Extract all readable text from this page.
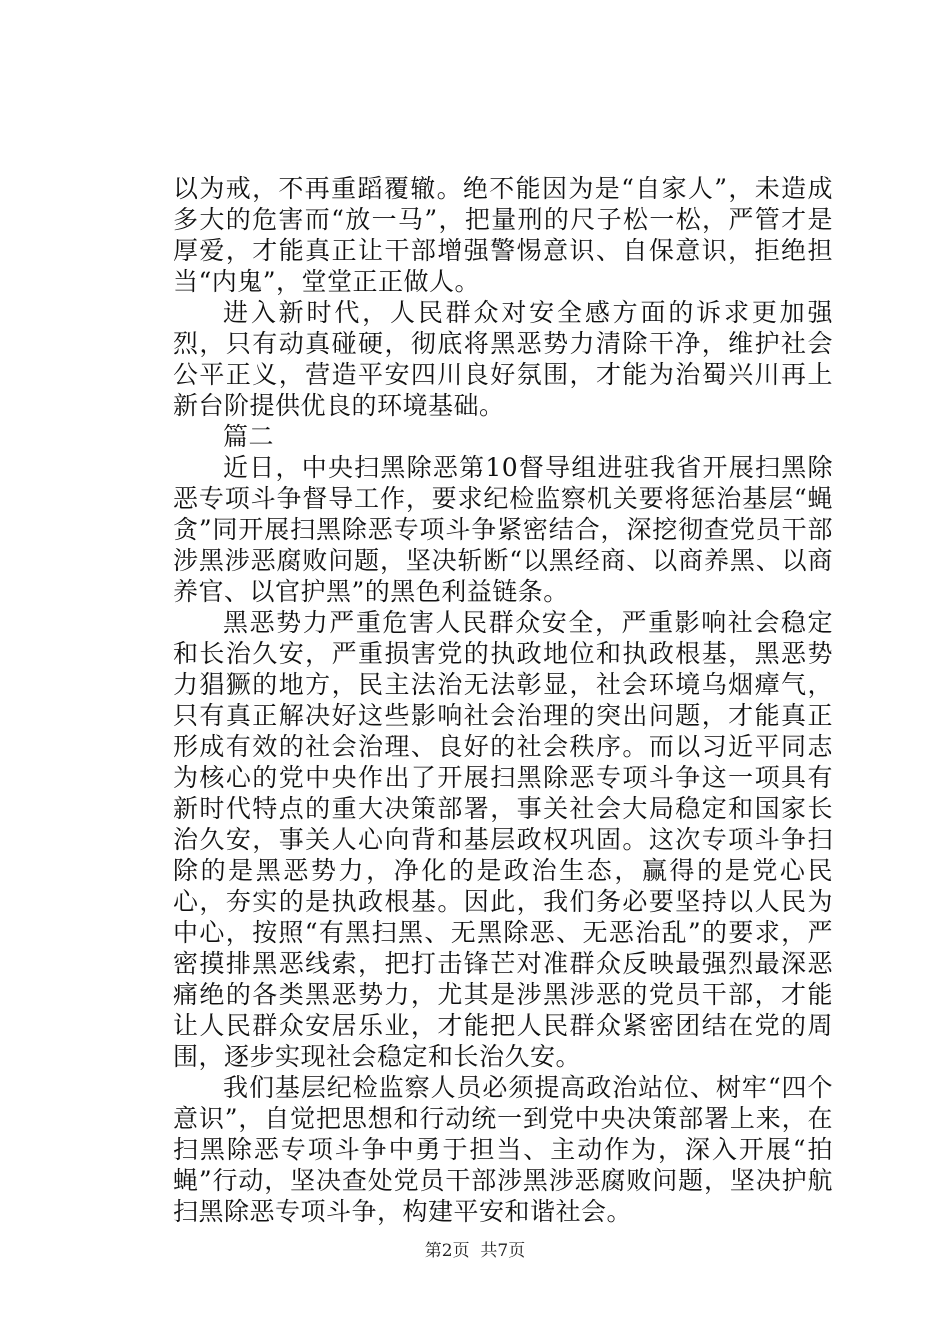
以为戒，不再重蹈覆辙。绝不能因为是“自家人”，未造成多大的危害而“放一马”，把量刑的尺子松一松，严管才是厚爱，才能真正让干部增强警惕意识、自保意识，拒绝担当“内鬼”，堂堂正正做人。

进入新时代，人民群众对安全感方面的诉求更加强烈，只有动真碰硬，彻底将黑恶势力清除干净，维护社会公平正义，营造平安四川良好氛围，才能为治蜀兴川再上新台阶提供优良的环境基础。

篇二

近日，中央扫黑除恶第10督导组进驻我省开展扫黑除恶专项斗争督导工作，要求纪检监察机关要将惩治基层“蝇贪”同开展扫黑除恶专项斗争紧密结合，深挖彻查党员干部涉黑涉恶腐败问题，坚决斩断“以黑经商、以商养黑、以商养官、以官护黑”的黑色利益链条。

黑恶势力严重危害人民群众安全，严重影响社会稳定和长治久安，严重损害党的执政地位和执政根基，黑恶势力猖獗的地方，民主法治无法彰显，社会环境乌烟瘴气，只有真正解决好这些影响社会治理的突出问题，才能真正形成有效的社会治理、良好的社会秩序。而以习近平同志为核心的党中央作出了开展扫黑除恶专项斗争这一项具有新时代特点的重大决策部署，事关社会大局稳定和国家长治久安，事关人心向背和基层政权巩固。这次专项斗争扫除的是黑恶势力，净化的是政治生态，赢得的是党心民心，夯实的是执政根基。因此，我们务必要坚持以人民为中心，按照“有黑扫黑、无黑除恶、无恶治乱”的要求，严密摸排黑恶线索，把打击锋芒对准群众反映最强烈最深恶痛绝的各类黑恶势力，尤其是涉黑涉恶的党员干部，才能让人民群众安居乐业，才能把人民群众紧密团结在党的周围，逐步实现社会稳定和长治久安。

我们基层纪检监察人员必须提高政治站位、树牢“四个意识”，自觉把思想和行动统一到党中央决策部署上来，在扫黑除恶专项斗争中勇于担当、主动作为，深入开展“拍蝇”行动，坚决查处党员干部涉黑涉恶腐败问题，坚决护航扫黑除恶专项斗争，构建平安和谐社会。

第2页  共7页
